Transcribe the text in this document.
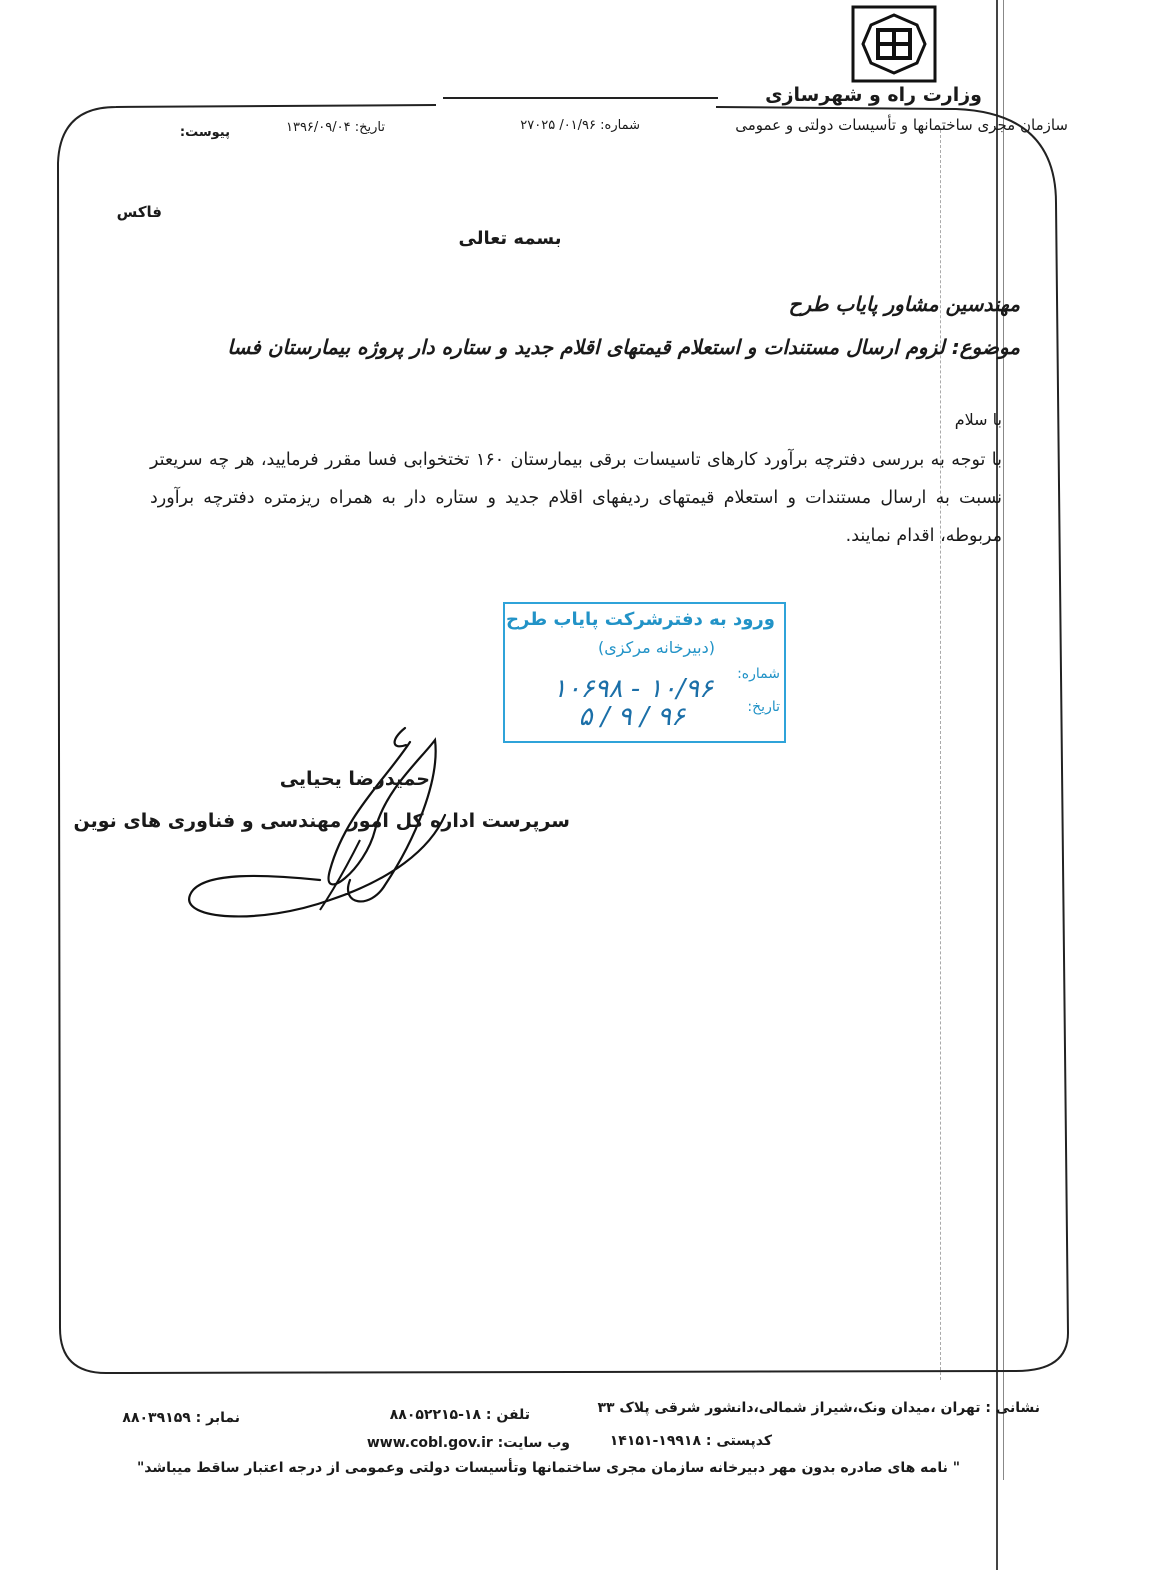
وزارت راه و شهرسازی
سازمان مجری ساختمانها و تأسیسات دولتی و عمومی
شماره: ۰۱/۹۶/ ۲۷۰۲۵
تاریخ: ۱۳۹۶/۰۹/۰۴
پیوست:
فاکس
بسمه تعالی
مهندسین مشاور پایاب طرح
موضوع: لزوم ارسال مستندات و استعلام قیمتهای اقلام جدید و ستاره دار پروژه بیمارستان فسا
با سلام
با توجه به بررسی دفترچه برآورد کارهای تاسیسات برقی بیمارستان ۱۶۰ تختخوابی فسا مقرر فرمایید، هر چه سریعتر نسبت به ارسال مستندات و استعلام قیمتهای ردیفهای اقلام جدید و ستاره دار به همراه ریزمتره دفترچه برآورد مربوطه، اقدام نمایند.
ورود به دفترشرکت پایاب طرح
(دبیرخانه مرکزی)
شماره:
۱۰/۹۶ - ۱۰۶۹۸
تاریخ:
۹۶ / ۹ / ۵
حمیدرضا یحیایی
سرپرست اداره کل امور مهندسی و فناوری های نوین
نشانی : تهران ،میدان ونک،شیراز شمالی،دانشور شرقی پلاک ۳۳
تلفن : ۱۸-۸۸۰۵۲۲۱۵
نمابر : ۸۸۰۳۹۱۵۹
کدپستی : ۱۹۹۱۸-۱۴۱۵۱
وب سایت: www.cobl.gov.ir
" نامه های صادره بدون مهر دبیرخانه سازمان مجری ساختمانها وتأسیسات دولتی وعمومی از درجه اعتبار ساقط میباشد"
